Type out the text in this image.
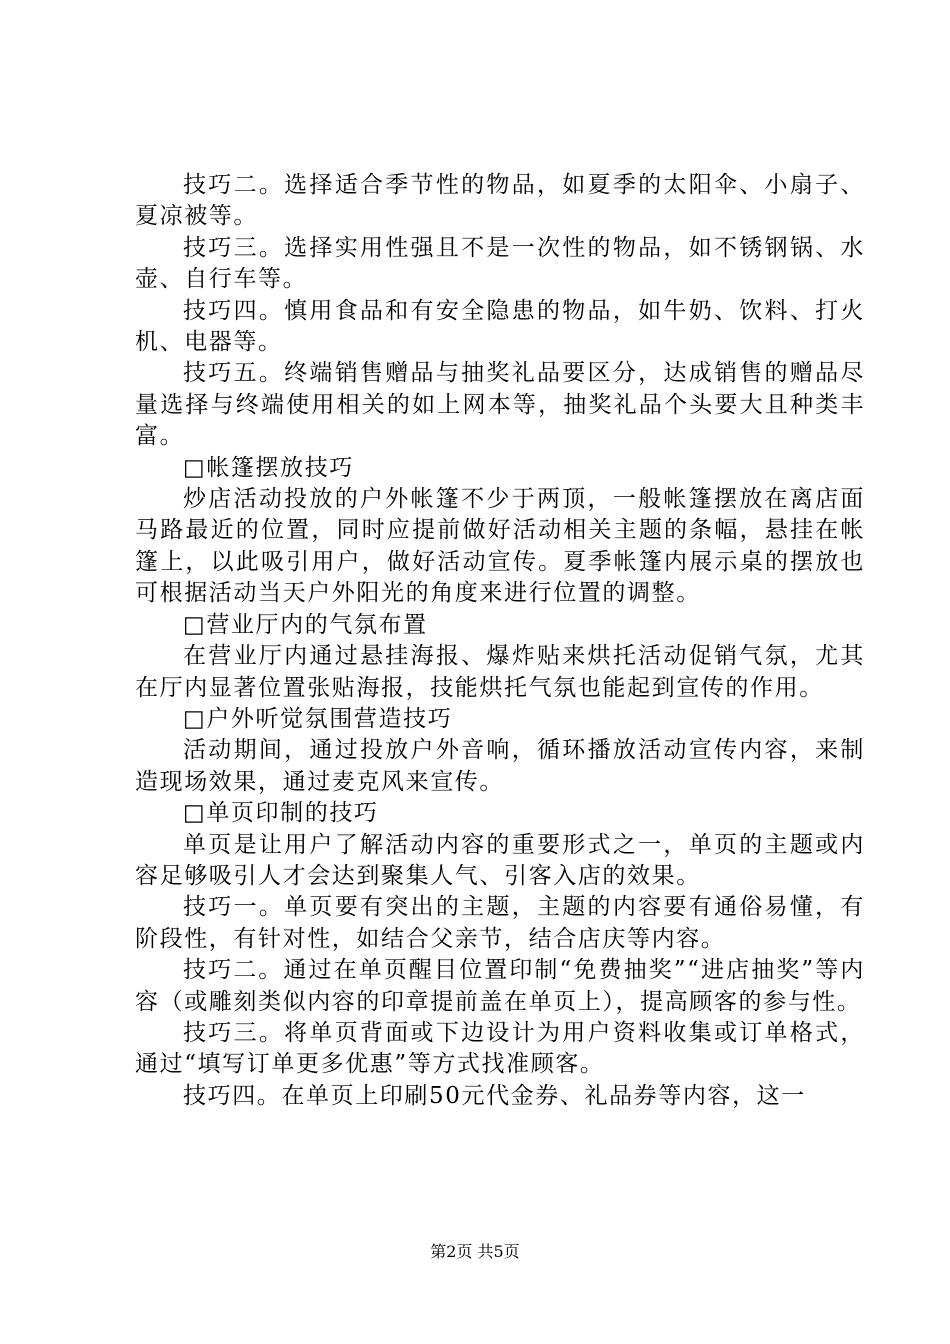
技巧二。选择适合季节性的物品，如夏季的太阳伞、小扇子、夏凉被等。

技巧三。选择实用性强且不是一次性的物品，如不锈钢锅、水壶、自行车等。

技巧四。慎用食品和有安全隐患的物品，如牛奶、饮料、打火机、电器等。

技巧五。终端销售赠品与抽奖礼品要区分，达成销售的赠品尽量选择与终端使用相关的如上网本等，抽奖礼品个头要大且种类丰富。

□帐篷摆放技巧

炒店活动投放的户外帐篷不少于两顶，一般帐篷摆放在离店面马路最近的位置，同时应提前做好活动相关主题的条幅，悬挂在帐篷上，以此吸引用户，做好活动宣传。夏季帐篷内展示桌的摆放也可根据活动当天户外阳光的角度来进行位置的调整。

□营业厅内的气氛布置

在营业厅内通过悬挂海报、爆炸贴来烘托活动促销气氛，尤其在厅内显著位置张贴海报，技能烘托气氛也能起到宣传的作用。

□户外听觉氛围营造技巧

活动期间，通过投放户外音响，循环播放活动宣传内容，来制造现场效果，通过麦克风来宣传。

□单页印制的技巧

单页是让用户了解活动内容的重要形式之一，单页的主题或内容足够吸引人才会达到聚集人气、引客入店的效果。

技巧一。单页要有突出的主题，主题的内容要有通俗易懂，有阶段性，有针对性，如结合父亲节，结合店庆等内容。

技巧二。通过在单页醒目位置印制“免费抽奖”“进店抽奖”等内容（或雕刻类似内容的印章提前盖在单页上），提高顾客的参与性。

技巧三。将单页背面或下边设计为用户资料收集或订单格式，通过“填写订单更多优惠”等方式找准顾客。

技巧四。在单页上印刷50元代金券、礼品券等内容，这一

第2页 共5页
